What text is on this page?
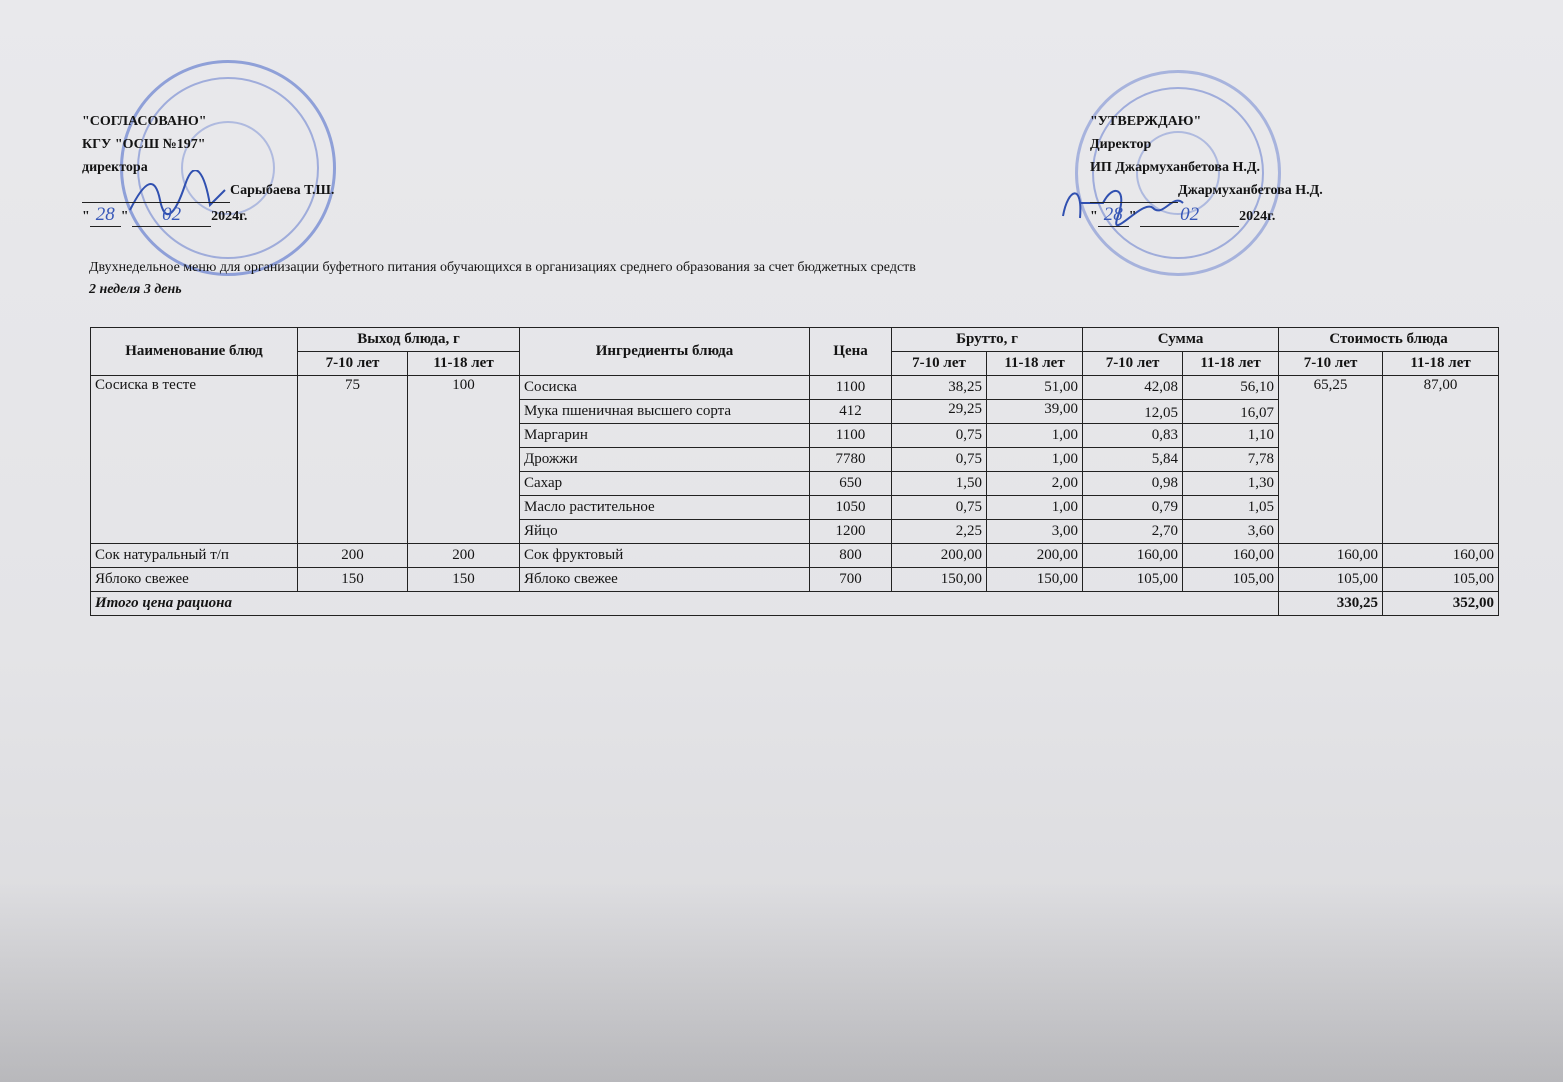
"СОГЛАСОВАНО"
КГУ "ОСШ №197"
директора
Сарыбаева Т.Ш.
" 28 " 02 2024г.
"УТВЕРЖДАЮ"
Директор
ИП Джармуханбетова Н.Д.
Джармуханбетова Н.Д.
" 28 " 02	2024г.
Двухнедельное меню для организации буфетного питания обучающихся в организациях среднего образования за счет бюджетных средств
2 неделя 3 день
Наименование блюд	Выход блюда, г		Ингредиенты блюда	Цена	Брутто, г		Сумма		Стоимость блюда	
	7-10 лет	11-18 лет			7-10 лет	11-18 лет	7-10 лет	11-18 лет	7-10 лет	11-18 лет
Сосиска в тесте	75	100	Сосиска	1100	38,25	51,00	42,08	56,10	65,25	87,00
			Мука пшеничная высшего сорта	412	29,25	39,00	12,05	16,07		
			Маргарин	1100	0,75	1,00	0,83	1,10		
			Дрожжи	7780	0,75	1,00	5,84	7,78		
			Сахар	650	1,50	2,00	0,98	1,30		
			Масло растительное	1050	0,75	1,00	0,79	1,05		
			Яйцо	1200	2,25	3,00	2,70	3,60		
Сок натуральный т/п	200	200	Сок фруктовый	800	200,00	200,00	160,00	160,00	160,00	160,00
Яблоко свежее	150	150	Яблоко свежее	700	150,00	150,00	105,00	105,00	105,00	105,00
Итого цена рациона									330,25	352,00
